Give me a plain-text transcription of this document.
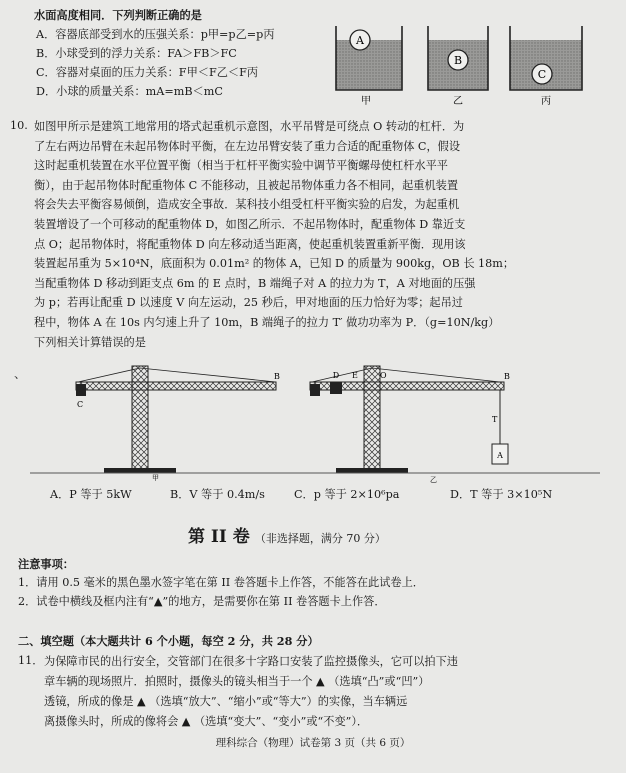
水面高度相同．下列判断正确的是
A．容器底部受到水的压强关系：p甲=p乙=p丙
B．小球受到的浮力关系：FA＞FB＞FC
C．容器对桌面的压力关系：F甲＜F乙＜F丙
D．小球的质量关系：mA=mB＜mC
A
甲
B
乙
C
丙
10. 如图甲所示是建筑工地常用的塔式起重机示意图，水平吊臂是可绕点 O 转动的杠杆．为
了左右两边吊臂在未起吊物体时平衡，在左边吊臂安装了重力合适的配重物体 C，假设
这时起重机装置在水平位置平衡（相当于杠杆平衡实验中调节平衡螺母使杠杆水平平
衡），由于起吊物体时配重物体 C 不能移动，且被起吊物体重力各不相同，起重机装置
将会失去平衡容易倾倒，造成安全事故．某科技小组受杠杆平衡实验的启发，为起重机
装置增设了一个可移动的配重物体 D，如图乙所示．不起吊物体时，配重物体 D 靠近支
点 O；起吊物体时，将配重物体 D 向左移动适当距离，使起重机装置重新平衡．现用该
装置起吊重为 5×10⁴N，底面积为 0.01m² 的物体 A，已知 D 的质量为 900kg，OB 长 18m；
当配重物体 D 移动到距支点 6m 的 E 点时，B 端绳子对 A 的拉力为 T，A 对地面的压强
为 p；若再让配重 D 以速度 V 向左运动，25 秒后，甲对地面的压力恰好为零；起吊过
程中，物体 A 在 10s 内匀速上升了 10m，B 端绳子的拉力 T′ 做功功率为 P．（g=10N/kg）
下列相关计算错误的是
、
C
B
甲
D E	O	B
T
A
乙
A．P 等于 5kW	B．V 等于 0.4m/s	C．p 等于 2×10⁶pa	D．T 等于 3×10⁵N
第 II 卷 （非选择题，满分 70 分）
注意事项：
1．请用 0.5 毫米的黑色墨水签字笔在第 II 卷答题卡上作答，不能答在此试卷上．
2．试卷中横线及框内注有“▲”的地方，是需要你在第 II 卷答题卡上作答．
二、填空题（本大题共计 6 个小题，每空 2 分，共 28 分）
11． 为保障市民的出行安全，交管部门在很多十字路口安装了监控摄像头，它可以拍下违
章车辆的现场照片．拍照时，摄像头的镜头相当于一个 ▲ （选填“凸”或“凹”）
透镜，所成的像是 ▲ （选填“放大”、“缩小”或“等大”）的实像，当车辆远
离摄像头时，所成的像将会 ▲ （选填“变大”、“变小”或“不变”）．
理科综合（物理）试卷第 3 页（共 6 页）
